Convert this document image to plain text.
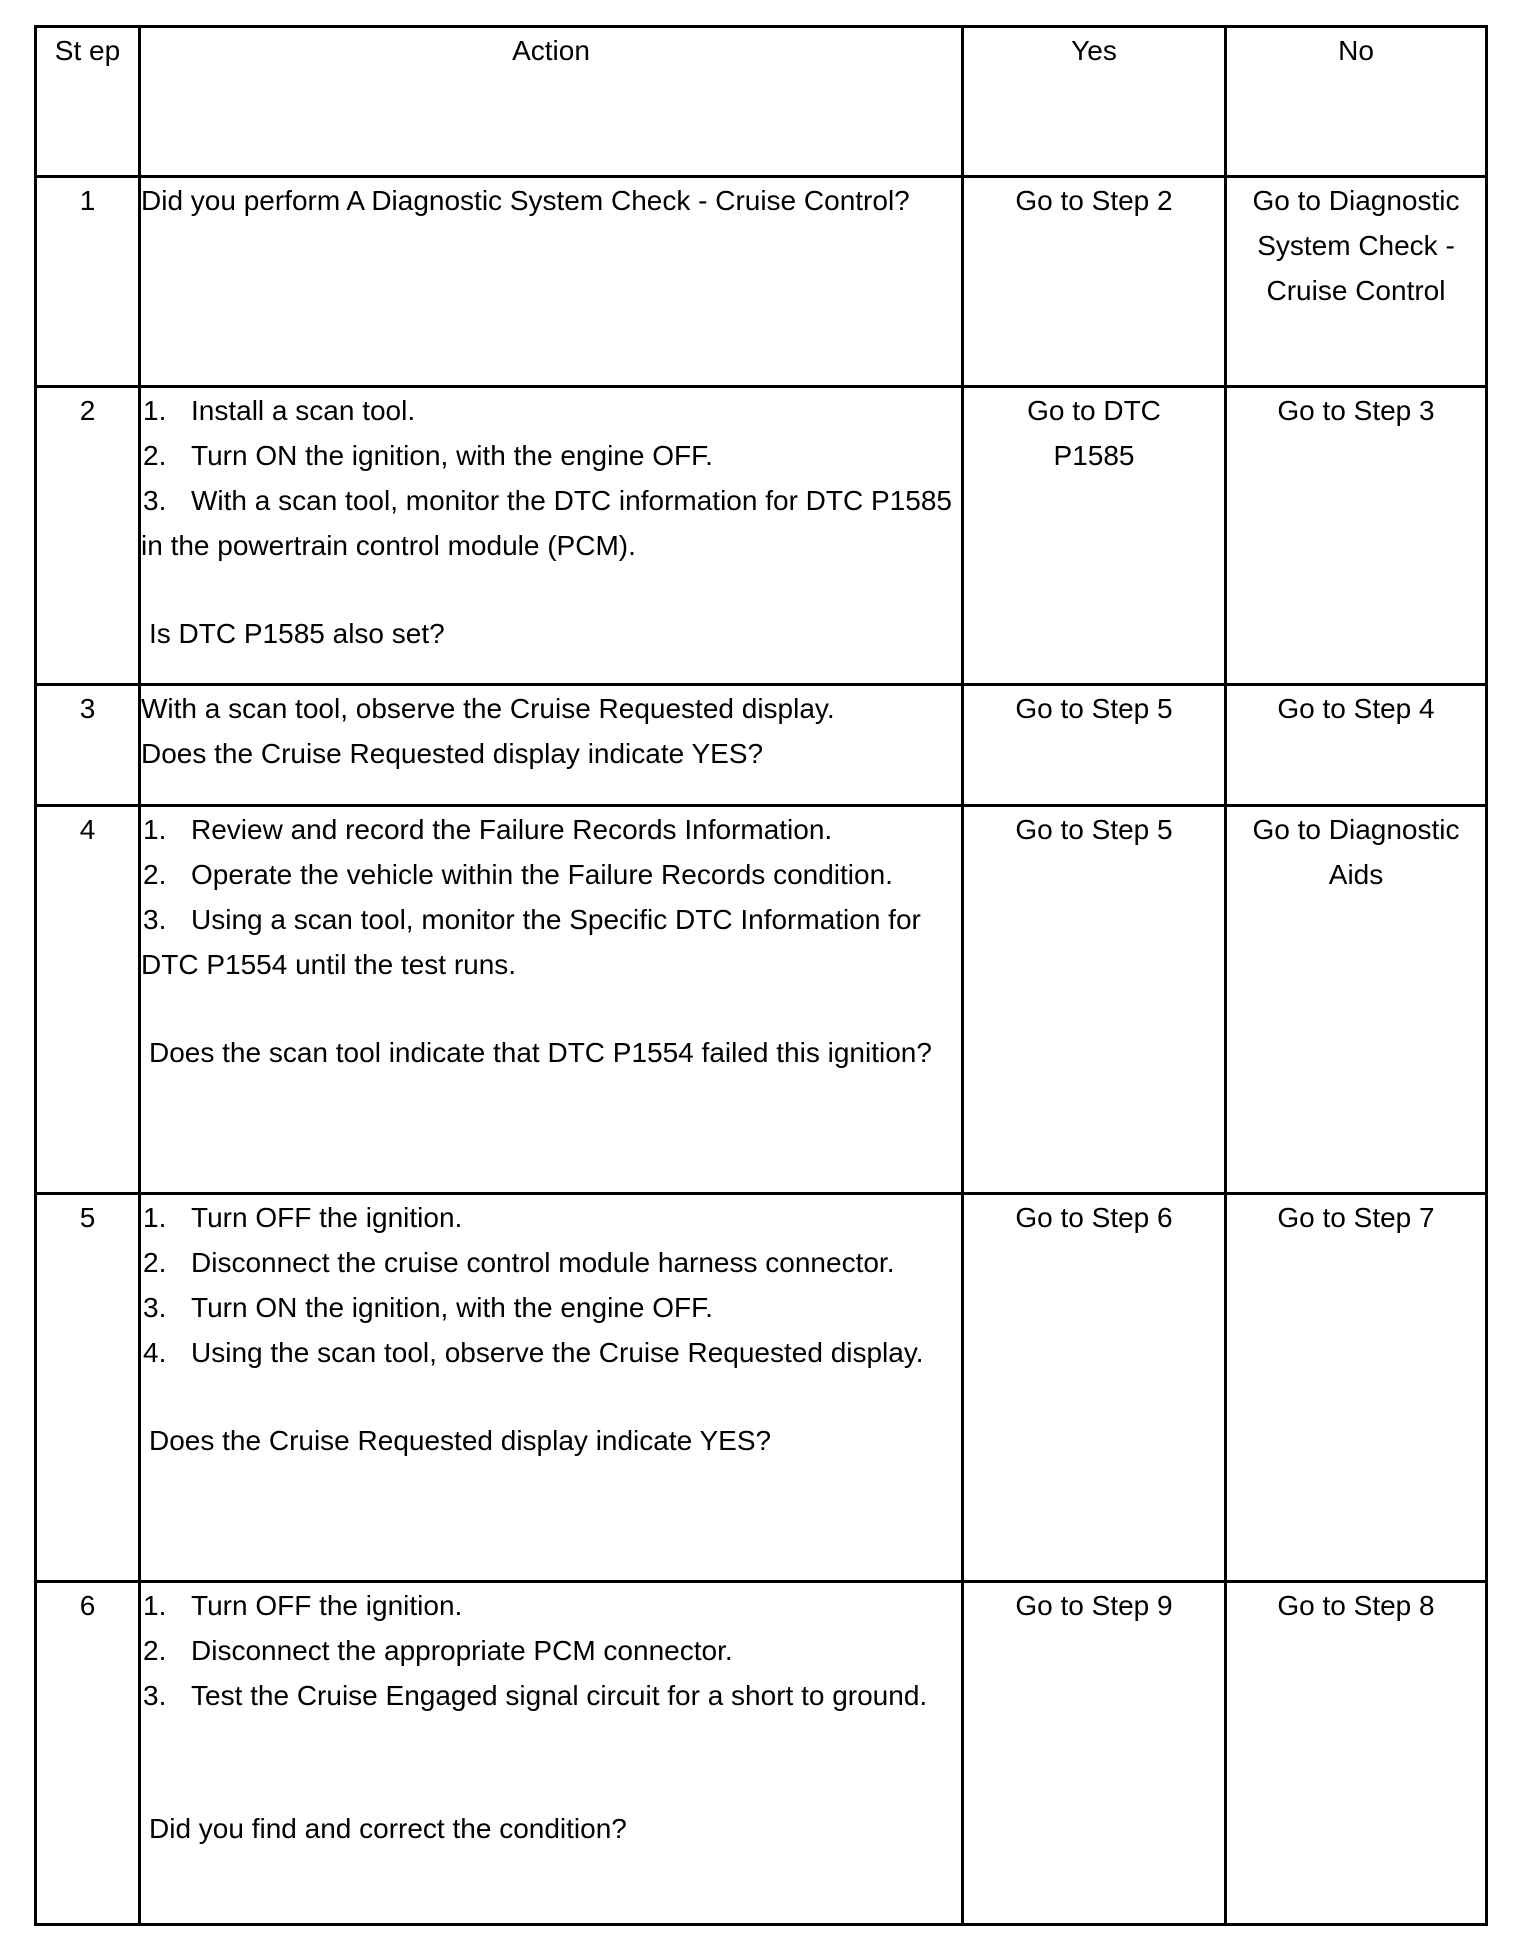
St ep	Action	Yes	No
1	Did you perform A Diagnostic System Check - Cruise Control?	Go to Step 2	Go to Diagnostic System Check - Cruise Control

2	1. Install a scan tool.
2. Turn ON the ignition, with the engine OFF.
3. With a scan tool, monitor the DTC information for DTC P1585 in the powertrain control module (PCM).
Is DTC P1585 also set?	Go to DTC P1585	Go to Step 3

3	With a scan tool, observe the Cruise Requested display.
Does the Cruise Requested display indicate YES?	Go to Step 5	Go to Step 4

4	1. Review and record the Failure Records Information.
2. Operate the vehicle within the Failure Records condition.
3. Using a scan tool, monitor the Specific DTC Information for DTC P1554 until the test runs.
Does the scan tool indicate that DTC P1554 failed this ignition?	Go to Step 5	Go to Diagnostic Aids

5	1. Turn OFF the ignition.
2. Disconnect the cruise control module harness connector.
3. Turn ON the ignition, with the engine OFF.
4. Using the scan tool, observe the Cruise Requested display.
Does the Cruise Requested display indicate YES?	Go to Step 6	Go to Step 7

6	1. Turn OFF the ignition.
2. Disconnect the appropriate PCM connector.
3. Test the Cruise Engaged signal circuit for a short to ground.
Did you find and correct the condition?	Go to Step 9	Go to Step 8
